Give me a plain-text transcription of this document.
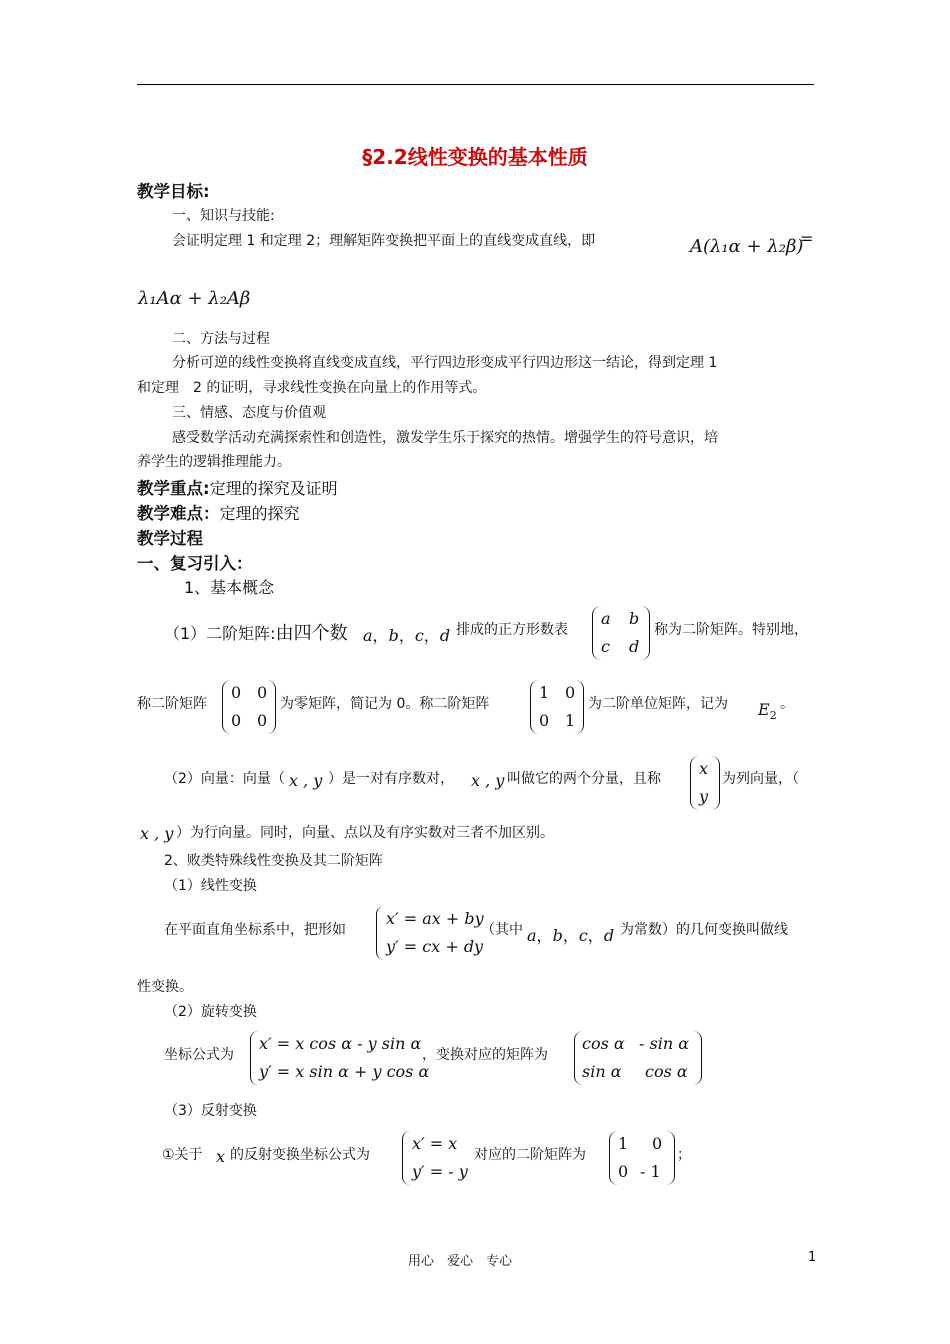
§2.2线性变换的基本性质
教学目标:
一、知识与技能:
会证明定理 1 和定理 2；理解矩阵变换把平面上的直线变成直线，即	A(λ₁α + λ₂β)
=
λ₁Aα + λ₂Aβ
二、方法与过程
分析可逆的线性变换将直线变成直线，平行四边形变成平行四边形这一结论，得到定理 1
和定理　2 的证明，寻求线性变换在向量上的作用等式。
三、情感、态度与价值观
感受数学活动充满探索性和创造性，激发学生乐于探究的热情。增强学生的符号意识，培
养学生的逻辑推理能力。
教学重点:定理的探究及证明
教学难点：定理的探究
教学过程
一、复习引入：
1、基本概念
（1）二阶矩阵:由四个数 a，b，c，d 排成的正方形数表
a b
c d
称为二阶矩阵。特别地，
称二阶矩阵
0 0
0 0
为零矩阵，简记为 0。称二阶矩阵
1 0
0 1
为二阶单位矩阵，记为 $E_2$
。
（2）向量：向量（ x , y ）是一对有序数对， x , y 叫做它的两个分量，且称
x
y
为列向量，（
x , y ）为行向量。同时，向量、点以及有序实数对三者不加区别。
2、败类特殊线性变换及其二阶矩阵
（1）线性变换
在平面直角坐标系中，把形如
x′ = ax + by
y′ = cx + dy
（其中 a，b，c，d 为常数）的几何变换叫做线
性变换。
（2）旋转变换
坐标公式为
x′ = x cos α - y sin α
y′ = x sin α + y cos α
，变换对应的矩阵为
cos α - sin α
sin α cos α
（3）反射变换
①关于 x 的反射变换坐标公式为
x′ = x
y′ = - y
对应的二阶矩阵为
1 0
0 - 1
；
用心　爱心　专心	1
